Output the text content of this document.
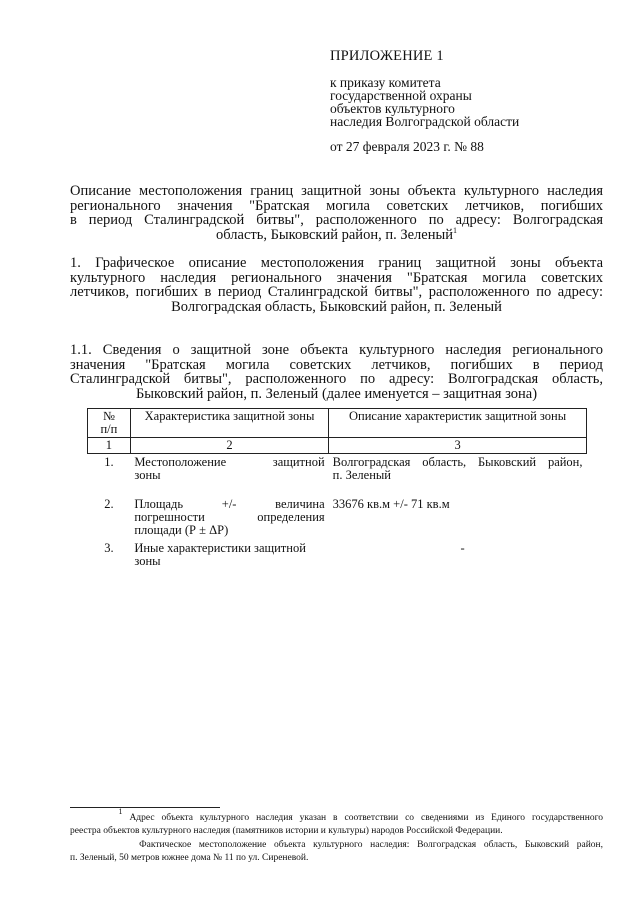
ПРИЛОЖЕНИЕ 1
к приказу комитета
государственной охраны
объектов культурного
наследия Волгоградской области
от 27 февраля 2023 г. № 88
Описание местоположения границ защитной зоны объекта культурного наследия
регионального значения "Братская могила советских летчиков, погибших
в период Сталинградской битвы", расположенного по адресу: Волгоградская
область, Быковский район, п. Зеленый$^1$
1. Графическое описание местоположения границ защитной зоны объекта
культурного наследия регионального значения "Братская могила советских
летчиков, погибших в период Сталинградской битвы", расположенного по адресу:
Волгоградская область, Быковский район, п. Зеленый
1.1. Сведения о защитной зоне объекта культурного наследия регионального
значения "Братская могила советских летчиков, погибших в период
Сталинградской битвы", расположенного по адресу: Волгоградская область,
Быковский район, п. Зеленый (далее именуется – защитная зона)
№
п/п	Характеристика защитной зоны	Описание характеристик защитной зоны
1	2	3
1.	Местоположение защитной
зоны	Волгоградская область, Быковский район,
п. Зеленый

2.	Площадь +/- величина
погрешности определения
площади (Р ± ΔР)	33676 кв.м +/- 71 кв.м

3.	Иные характеристики защитной
зоны	-
$^1$ Адрес объекта культурного наследия указан в соответствии со сведениями из Единого государственного
реестра объектов культурного наследия (памятников истории и культуры) народов Российской Федерации.
Фактическое местоположение объекта культурного наследия: Волгоградская область, Быковский район,
п. Зеленый, 50 метров южнее дома № 11 по ул. Сиреневой.
